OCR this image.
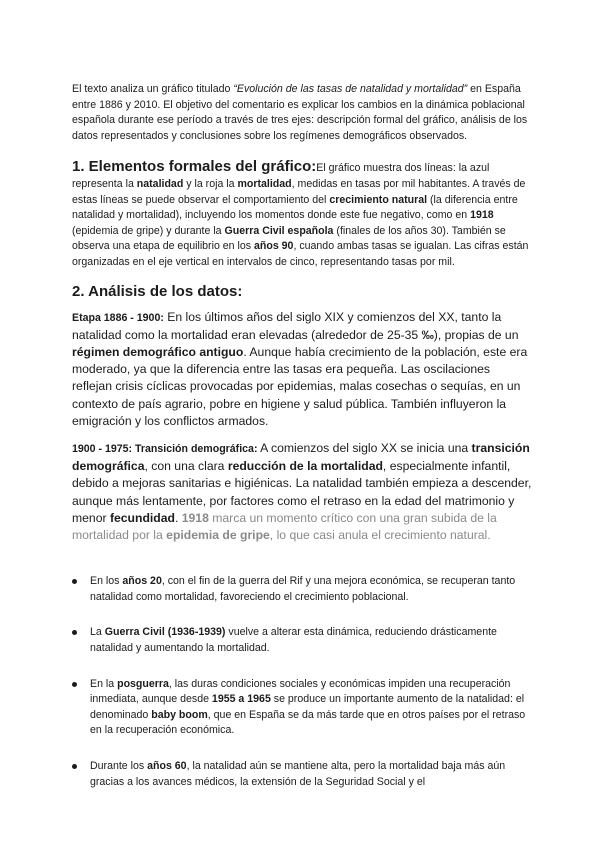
El texto analiza un gráfico titulado “Evolución de las tasas de natalidad y mortalidad” en España entre 1886 y 2010. El objetivo del comentario es explicar los cambios en la dinámica poblacional española durante ese período a través de tres ejes: descripción formal del gráfico, análisis de los datos representados y conclusiones sobre los regímenes demográficos observados.

1. Elementos formales del gráfico:El gráfico muestra dos líneas: la azul representa la natalidad y la roja la mortalidad, medidas en tasas por mil habitantes. A través de estas líneas se puede observar el comportamiento del crecimiento natural (la diferencia entre natalidad y mortalidad), incluyendo los momentos donde este fue negativo, como en 1918 (epidemia de gripe) y durante la Guerra Civil española (finales de los años 30). También se observa una etapa de equilibrio en los años 90, cuando ambas tasas se igualan. Las cifras están organizadas en el eje vertical en intervalos de cinco, representando tasas por mil.

2. Análisis de los datos:

Etapa 1886 - 1900: En los últimos años del siglo XIX y comienzos del XX, tanto la natalidad como la mortalidad eran elevadas (alrededor de 25-35 ‰), propias de un régimen demográfico antiguo. Aunque había crecimiento de la población, este era moderado, ya que la diferencia entre las tasas era pequeña. Las oscilaciones reflejan crisis cíclicas provocadas por epidemias, malas cosechas o sequías, en un contexto de país agrario, pobre en higiene y salud pública. También influyeron la emigración y los conflictos armados.

1900 - 1975: Transición demográfica: A comienzos del siglo XX se inicia una transición demográfica, con una clara reducción de la mortalidad, especialmente infantil, debido a mejoras sanitarias e higiénicas. La natalidad también empieza a descender, aunque más lentamente, por factores como el retraso en la edad del matrimonio y menor fecundidad. 1918 marca un momento crítico con una gran subida de la mortalidad por la epidemia de gripe, lo que casi anula el crecimiento natural.

En los años 20, con el fin de la guerra del Rif y una mejora económica, se recuperan tanto natalidad como mortalidad, favoreciendo el crecimiento poblacional.
La Guerra Civil (1936-1939) vuelve a alterar esta dinámica, reduciendo drásticamente natalidad y aumentando la mortalidad.
En la posguerra, las duras condiciones sociales y económicas impiden una recuperación inmediata, aunque desde 1955 a 1965 se produce un importante aumento de la natalidad: el denominado baby boom, que en España se da más tarde que en otros países por el retraso en la recuperación económica.
Durante los años 60, la natalidad aún se mantiene alta, pero la mortalidad baja más aún gracias a los avances médicos, la extensión de la Seguridad Social y el
